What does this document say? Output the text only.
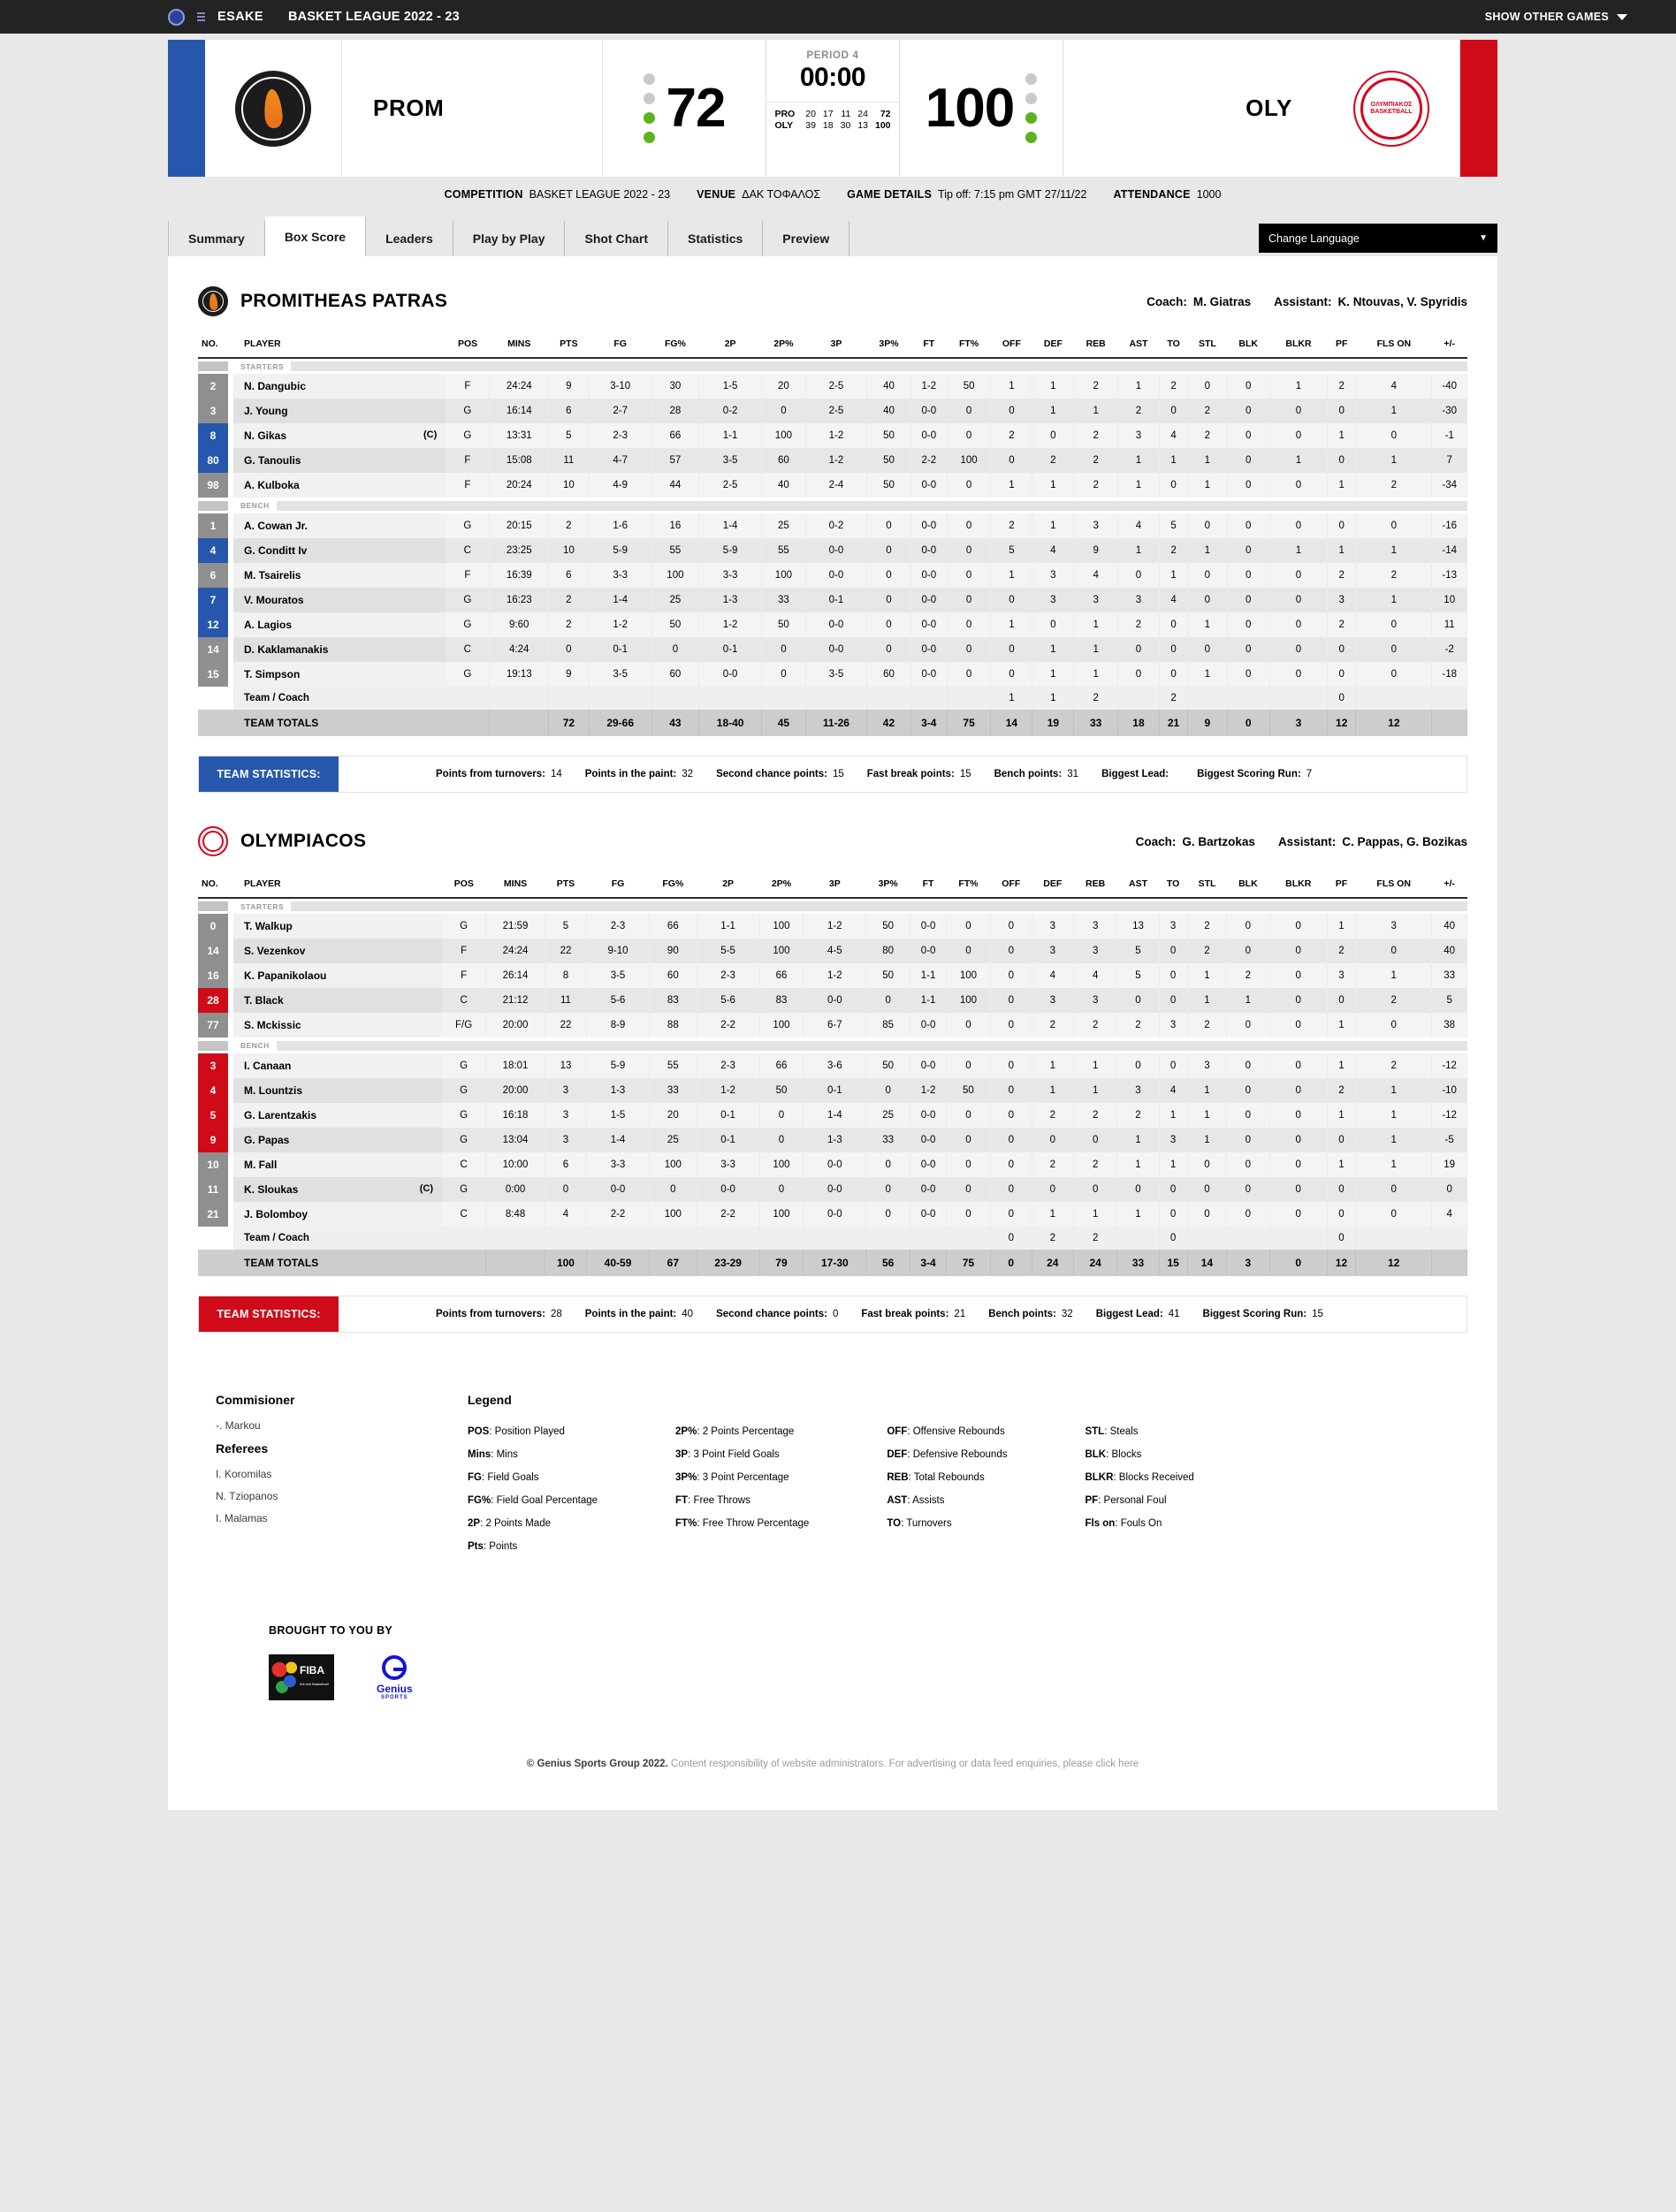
ESAKE BASKET LEAGUE 2022 - 23	SHOW OTHER GAMES
PROM	72
PERIOD 4
00:00
PRO	20	17	11	24	72
OLY	39	18	30	13	100 100	OLY	OΛΥΜΠIAKOΣ
BASKETBALL
COMPETITION BASKET LEAGUE 2022 - 23 VENUE ΔΑΚ ΤΟΦΑΛΟΣ GAME DETAILS Tip off: 7:15 pm GMT 27/11/22 ATTENDANCE 1000
Summary	Box Score	Leaders	Play by Play	Shot Chart	Statistics	Preview	Change Language	▼
PROMITHEAS PATRAS	Coach: M. Giatras Assistant: K. Ntouvas, V. Spyridis
NO.	PLAYER	POS	MINS	PTS	FG	FG%	2P	2P%	3P	3P%	FT	FT%	OFF	DEF	REB	AST	TO	STL	BLK	BLKR	PF	FLS ON	+/-

STARTERS																							

2	N. Dangubic	F	24:24	9	3-10	30	1-5	20	2-5	40	1-2	50	1	1	2	1	2	0	0	1	2	4	-40

3	J. Young	G	16:14	6	2-7	28	0-2	0	2-5	40	0-0	0	0	1	1	2	0	2	0	0	0	1	-30

8	N. Gikas (C)	G	13:31	5	2-3	66	1-1	100	1-2	50	0-0	0	2	0	2	3	4	2	0	0	1	0	-1

80	G. Tanoulis	F	15:08	11	4-7	57	3-5	60	1-2	50	2-2	100	0	2	2	1	1	1	0	1	0	1	7

98	A. Kulboka	F	20:24	10	4-9	44	2-5	40	2-4	50	0-0	0	1	1	2	1	0	1	0	0	1	2	-34

BENCH																							

1	A. Cowan Jr.	G	20:15	2	1-6	16	1-4	25	0-2	0	0-0	0	2	1	3	4	5	0	0	0	0	0	-16

4	G. Conditt Iv	C	23:25	10	5-9	55	5-9	55	0-0	0	0-0	0	5	4	9	1	2	1	0	1	1	1	-14

6	M. Tsairelis	F	16:39	6	3-3	100	3-3	100	0-0	0	0-0	0	1	3	4	0	1	0	0	0	2	2	-13

7	V. Mouratos	G	16:23	2	1-4	25	1-3	33	0-1	0	0-0	0	0	3	3	3	4	0	0	0	3	1	10

12	A. Lagios	G	9:60	2	1-2	50	1-2	50	0-0	0	0-0	0	1	0	1	2	0	1	0	0	2	0	11

14	D. Kaklamanakis	C	4:24	0	0-1	0	0-1	0	0-0	0	0-0	0	0	1	1	0	0	0	0	0	0	0	-2

15	T. Simpson	G	19:13	9	3-5	60	0-0	0	3-5	60	0-0	0	0	1	1	0	0	1	0	0	0	0	-18
	Team / Coach												1	1	2		2				0		
	TEAM TOTALS			72	29-66	43	18-40	45	11-26	42	3-4	75	14	19	33	18	21	9	0	3	12	12	
TEAM STATISTICS:	Points from turnovers: 14 Points in the paint: 32 Second chance points: 15 Fast break points: 15 Bench points: 31 Biggest Lead:	Biggest Scoring Run: 7
OLYMPIACOS	Coach: G. Bartzokas Assistant: C. Pappas, G. Bozikas
NO.	PLAYER	POS	MINS	PTS	FG	FG%	2P	2P%	3P	3P%	FT	FT%	OFF	DEF	REB	AST	TO	STL	BLK	BLKR	PF	FLS ON	+/-

STARTERS																							

0	T. Walkup	G	21:59	5	2-3	66	1-1	100	1-2	50	0-0	0	0	3	3	13	3	2	0	0	1	3	40

14	S. Vezenkov	F	24:24	22	9-10	90	5-5	100	4-5	80	0-0	0	0	3	3	5	0	2	0	0	2	0	40

16	K. Papanikolaou	F	26:14	8	3-5	60	2-3	66	1-2	50	1-1	100	0	4	4	5	0	1	2	0	3	1	33

28	T. Black	C	21:12	11	5-6	83	5-6	83	0-0	0	1-1	100	0	3	3	0	0	1	1	0	0	2	5

77	S. Mckissic	F/G	20:00	22	8-9	88	2-2	100	6-7	85	0-0	0	0	2	2	2	3	2	0	0	1	0	38

BENCH																							

3	I. Canaan	G	18:01	13	5-9	55	2-3	66	3-6	50	0-0	0	0	1	1	0	0	3	0	0	1	2	-12

4	M. Lountzis	G	20:00	3	1-3	33	1-2	50	0-1	0	1-2	50	0	1	1	3	4	1	0	0	2	1	-10

5	G. Larentzakis	G	16:18	3	1-5	20	0-1	0	1-4	25	0-0	0	0	2	2	2	1	1	0	0	1	1	-12

9	G. Papas	G	13:04	3	1-4	25	0-1	0	1-3	33	0-0	0	0	0	0	1	3	1	0	0	0	1	-5

10	M. Fall	C	10:00	6	3-3	100	3-3	100	0-0	0	0-0	0	0	2	2	1	1	0	0	0	1	1	19

11	K. Sloukas (C)	G	0:00	0	0-0	0	0-0	0	0-0	0	0-0	0	0	0	0	0	0	0	0	0	0	0	0

21	J. Bolomboy	C	8:48	4	2-2	100	2-2	100	0-0	0	0-0	0	0	1	1	1	0	0	0	0	0	0	4
	Team / Coach												0	2	2		0				0		
	TEAM TOTALS			100	40-59	67	23-29	79	17-30	56	3-4	75	0	24	24	33	15	14	3	0	12	12	
TEAM STATISTICS:	Points from turnovers: 28 Points in the paint: 40 Second chance points: 0 Fast break points: 21 Bench points: 32 Biggest Lead: 41 Biggest Scoring Run: 15
Commisioner
-. Markou
Referees
I. Koromilas
N. Tziopanos
I. Malamas
Legend
POS: Position Played
Mins: Mins
FG: Field Goals
FG%: Field Goal Percentage
2P: 2 Points Made
Pts: Points
2P%: 2 Points Percentage
3P: 3 Point Field Goals
3P%: 3 Point Percentage
FT: Free Throws
FT%: Free Throw Percentage
OFF: Offensive Rebounds
DEF: Defensive Rebounds
REB: Total Rebounds
AST: Assists
TO: Turnovers
STL: Steals
BLK: Blocks
BLKR: Blocks Received
PF: Personal Foul
Fls on: Fouls On
BROUGHT TO YOU BY
FIBA
We Are Basketball	Genius
SPORTS
© Genius Sports Group 2022. Content responsibility of website administrators. For advertising or data feed enquiries, please click here
